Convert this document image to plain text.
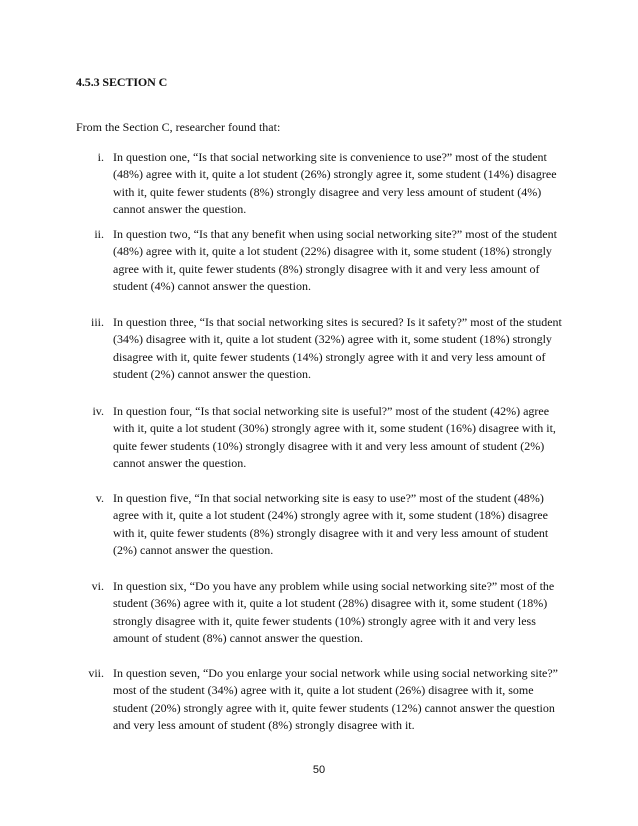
4.5.3 SECTION C

From the Section C, researcher found that:

i. In question one, “Is that social networking site is convenience to use?” most of the student (48%) agree with it, quite a lot student (26%) strongly agree it, some student (14%) disagree with it, quite fewer students (8%) strongly disagree and very less amount of student (4%) cannot answer the question.
ii. In question two, “Is that any benefit when using social networking site?” most of the student (48%) agree with it, quite a lot student (22%) disagree with it, some student (18%) strongly agree with it, quite fewer students (8%) strongly disagree with it and very less amount of student (4%) cannot answer the question.
iii. In question three, “Is that social networking sites is secured? Is it safety?” most of the student (34%) disagree with it, quite a lot student (32%) agree with it, some student (18%) strongly disagree with it, quite fewer students (14%) strongly agree with it and very less amount of student (2%) cannot answer the question.
iv. In question four, “Is that social networking site is useful?” most of the student (42%) agree with it, quite a lot student (30%) strongly agree with it, some student (16%) disagree with it, quite fewer students (10%) strongly disagree with it and very less amount of student (2%) cannot answer the question.
v. In question five, “In that social networking site is easy to use?” most of the student (48%) agree with it, quite a lot student (24%) strongly agree with it, some student (18%) disagree with it, quite fewer students (8%) strongly disagree with it and very less amount of student (2%) cannot answer the question.
vi. In question six, “Do you have any problem while using social networking site?” most of the student (36%) agree with it, quite a lot student (28%) disagree with it, some student (18%) strongly disagree with it, quite fewer students (10%) strongly agree with it and very less amount of student (8%) cannot answer the question.
vii. In question seven, “Do you enlarge your social network while using social networking site?” most of the student (34%) agree with it, quite a lot student (26%) disagree with it, some student (20%) strongly agree with it, quite fewer students (12%) cannot answer the question and very less amount of student (8%) strongly disagree with it.

50
